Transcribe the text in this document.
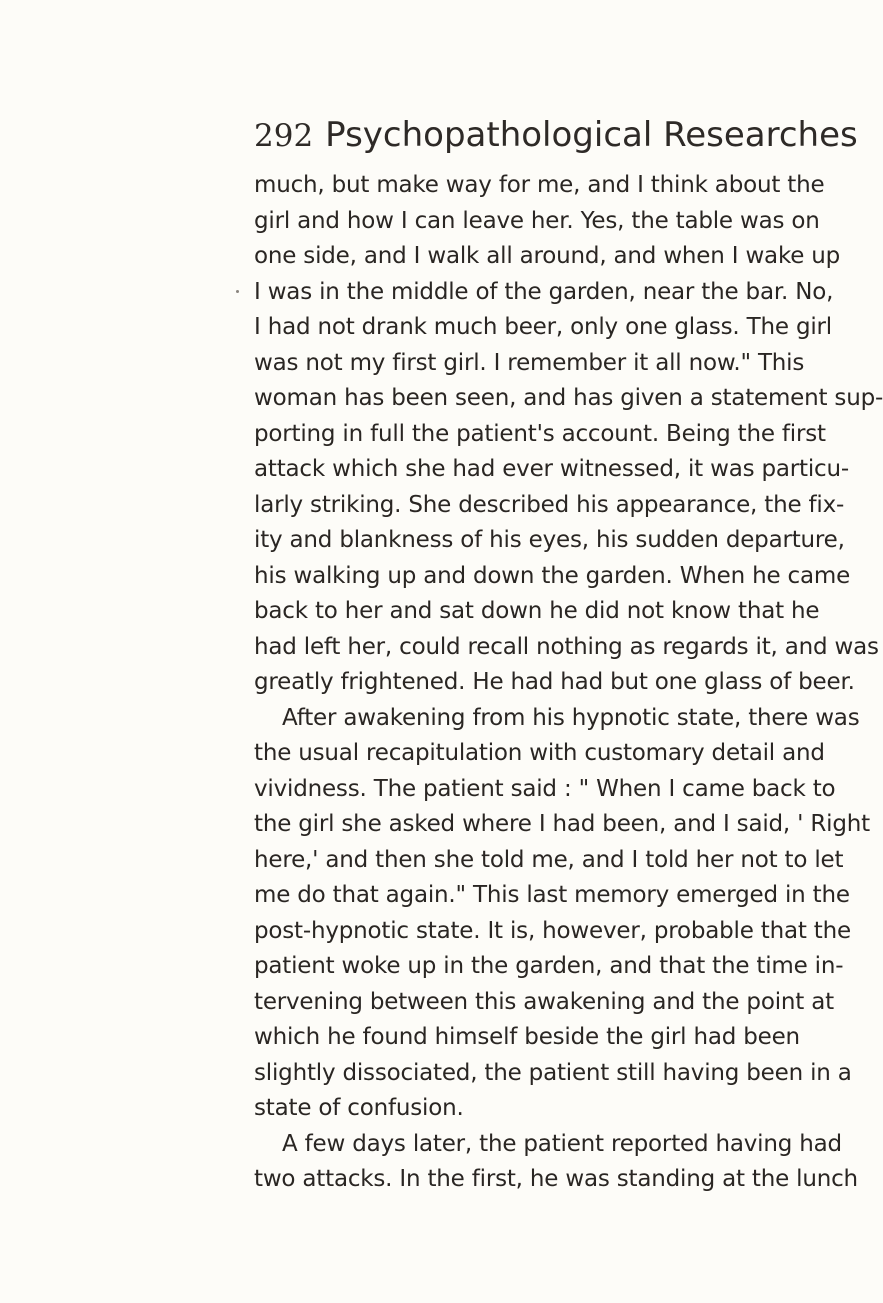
292 Psychopathological Researches
much, but make way for me, and I think about the
girl and how I can leave her. Yes, the table was on
one side, and I walk all around, and when I wake up
I was in the middle of the garden, near the bar. No,
I had not drank much beer, only one glass. The girl
was not my first girl. I remember it all now." This
woman has been seen, and has given a statement sup-
porting in full the patient's account. Being the first
attack which she had ever witnessed, it was particu-
larly striking. She described his appearance, the fix-
ity and blankness of his eyes, his sudden departure,
his walking up and down the garden. When he came
back to her and sat down he did not know that he
had left her, could recall nothing as regards it, and was
greatly frightened. He had had but one glass of beer.
After awakening from his hypnotic state, there was
the usual recapitulation with customary detail and
vividness. The patient said : " When I came back to
the girl she asked where I had been, and I said, ' Right
here,' and then she told me, and I told her not to let
me do that again." This last memory emerged in the
post-hypnotic state. It is, however, probable that the
patient woke up in the garden, and that the time in-
tervening between this awakening and the point at
which he found himself beside the girl had been
slightly dissociated, the patient still having been in a
state of confusion.
A few days later, the patient reported having had
two attacks. In the first, he was standing at the lunch
